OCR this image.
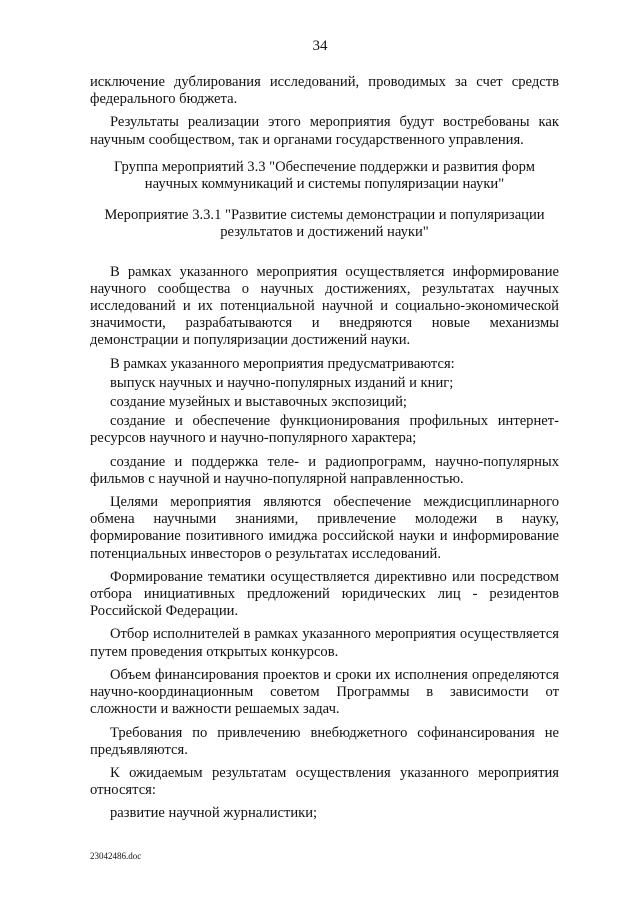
34

исключение дублирования исследований, проводимых за счет средств федерального бюджета.

Результаты реализации этого мероприятия будут востребованы как научным сообществом, так и органами государственного управления.

Группа мероприятий 3.3 "Обеспечение поддержки и развития форм научных коммуникаций и системы популяризации науки"

Мероприятие 3.3.1 "Развитие системы демонстрации и популяризации результатов и достижений науки"

В рамках указанного мероприятия осуществляется информирование научного сообщества о научных достижениях, результатах научных исследований и их потенциальной научной и социально-экономической значимости, разрабатываются и внедряются новые механизмы демонстрации и популяризации достижений науки.

В рамках указанного мероприятия предусматриваются:

выпуск научных и научно-популярных изданий и книг;

создание музейных и выставочных экспозиций;

создание и обеспечение функционирования профильных интернет-ресурсов научного и научно-популярного характера;

создание и поддержка теле- и радиопрограмм, научно-популярных фильмов с научной и научно-популярной направленностью.

Целями мероприятия являются обеспечение междисциплинарного обмена научными знаниями, привлечение молодежи в науку, формирование позитивного имиджа российской науки и информирование потенциальных инвесторов о результатах исследований.

Формирование тематики осуществляется директивно или посредством отбора инициативных предложений юридических лиц - резидентов Российской Федерации.

Отбор исполнителей в рамках указанного мероприятия осуществляется путем проведения открытых конкурсов.

Объем финансирования проектов и сроки их исполнения определяются научно-координационным советом Программы в зависимости от сложности и важности решаемых задач.

Требования по привлечению внебюджетного софинансирования не предъявляются.

К ожидаемым результатам осуществления указанного мероприятия относятся:

развитие научной журналистики;

23042486.doc
